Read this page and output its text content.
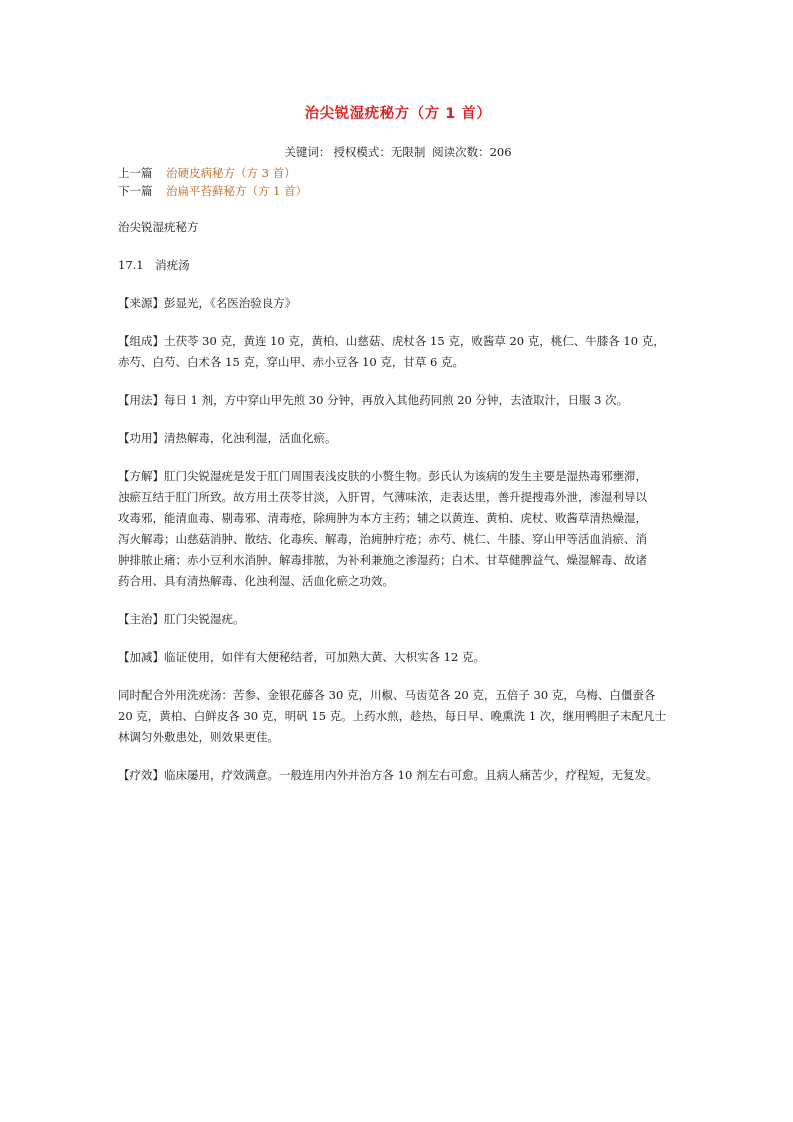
治尖锐湿疣秘方（方 1 首）
关键词： 授权模式：无限制 阅读次数：206
上一篇 治硬皮病秘方（方 3 首）
下一篇 治扁平苔藓秘方（方 1 首）

治尖锐湿疣秘方

17.1　消疣汤

【来源】彭显光，《名医治验良方》

【组成】土茯苓 30 克，黄连 10 克，黄柏、山慈菇、虎杖各 15 克，败酱草 20 克，桃仁、牛膝各 10 克，

赤芍、白芍、白术各 15 克，穿山甲、赤小豆各 10 克，甘草 6 克。

【用法】每日 1 剂，方中穿山甲先煎 30 分钟，再放入其他药同煎 20 分钟，去渣取汁，日服 3 次。

【功用】清热解毒，化浊利湿，活血化瘀。

【方解】肛门尖锐湿疣是发于肛门周围表浅皮肤的小赘生物。彭氏认为该病的发生主要是湿热毒邪壅滞，

浊瘀互结于肛门所致。故方用土茯苓甘淡，入肝胃，气薄味浓，走表达里，善升提搜毒外泄，渗湿利导以

攻毒邪，能清血毒、剔毒邪、清毒疮，除痈肿为本方主药；辅之以黄连、黄柏、虎杖、败酱草清热燥湿，

泻火解毒；山慈菇消肿、散结、化毒疾、解毒，治痈肿疔疮；赤芍、桃仁、牛膝、穿山甲等活血消瘀、消

肿排脓止痛；赤小豆利水消肿、解毒排脓，为补利兼施之渗湿药；白术、甘草健脾益气、燥湿解毒、故诸

药合用、具有清热解毒、化浊利湿、活血化瘀之功效。

【主治】肛门尖锐湿疣。

【加减】临证使用，如伴有大便秘结者，可加熟大黄、大枳实各 12 克。

同时配合外用洗疣汤：苦参、金银花藤各 30 克，川椒、马齿苋各 20 克，五倍子 30 克，乌梅、白僵蚕各

20 克，黄柏、白鲜皮各 30 克，明矾 15 克。上药水煎，趁热，每日早、晚熏洗 1 次，继用鸭胆子末配凡士

林调匀外敷患处，则效果更佳。

【疗效】临床屡用，疗效满意。一般连用内外并治方各 10 剂左右可愈。且病人痛苦少，疗程短，无复发。
